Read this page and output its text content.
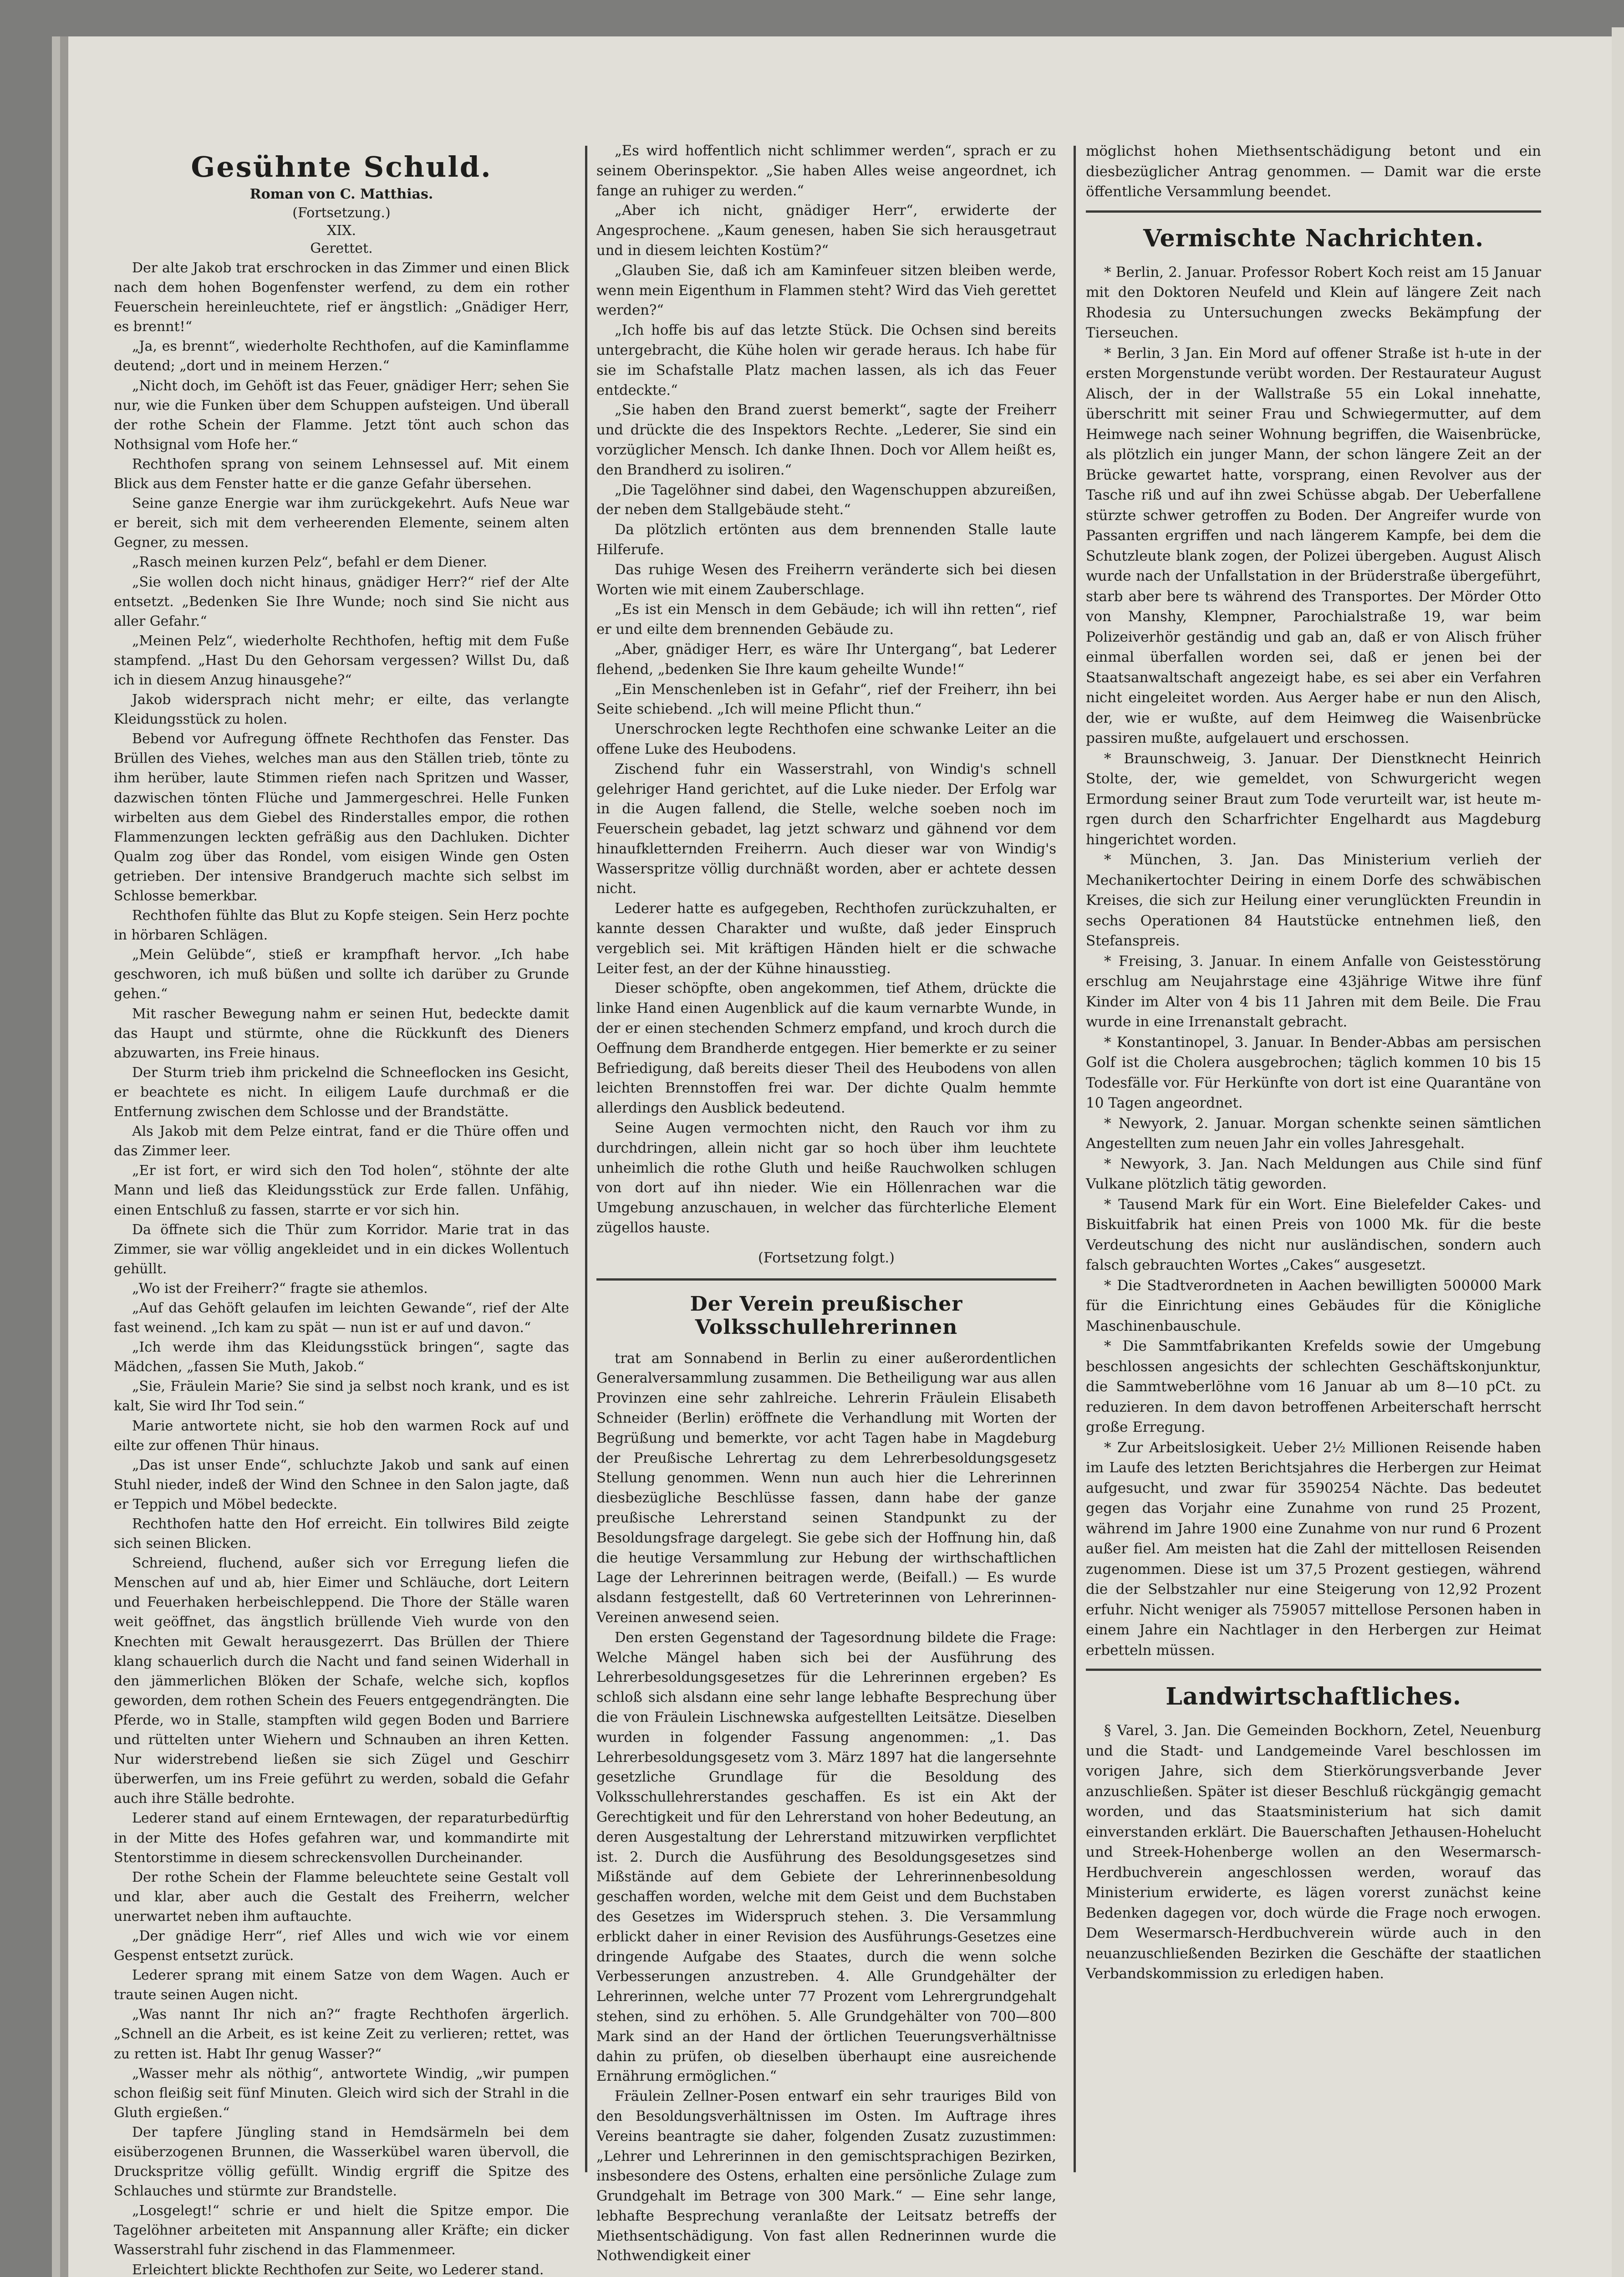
Gesühnte Schuld.
Roman von C. Matthias.
(Fortsetzung.)
XIX.
Gerettet.

Der alte Jakob trat erschrocken in das Zimmer und einen Blick nach dem hohen Bogenfenster werfend, zu dem ein rother Feuerschein hereinleuchtete, rief er ängstlich: „Gnädiger Herr, es brennt!“

„Ja, es brennt“, wiederholte Rechthofen, auf die Kaminflamme deutend; „dort und in meinem Herzen.“

„Nicht doch, im Gehöft ist das Feuer, gnädiger Herr; sehen Sie nur, wie die Funken über dem Schuppen aufsteigen. Und überall der rothe Schein der Flamme. Jetzt tönt auch schon das Nothsignal vom Hofe her.“

Rechthofen sprang von seinem Lehnsessel auf. Mit einem Blick aus dem Fenster hatte er die ganze Gefahr übersehen.

Seine ganze Energie war ihm zurückgekehrt. Aufs Neue war er bereit, sich mit dem verheerenden Elemente, seinem alten Gegner, zu messen.

„Rasch meinen kurzen Pelz“, befahl er dem Diener.

„Sie wollen doch nicht hinaus, gnädiger Herr?“ rief der Alte entsetzt. „Bedenken Sie Ihre Wunde; noch sind Sie nicht aus aller Gefahr.“

„Meinen Pelz“, wiederholte Rechthofen, heftig mit dem Fuße stampfend. „Hast Du den Gehorsam vergessen? Willst Du, daß ich in diesem Anzug hinausgehe?“

Jakob widersprach nicht mehr; er eilte, das verlangte Kleidungsstück zu holen.

Bebend vor Aufregung öffnete Rechthofen das Fenster. Das Brüllen des Viehes, welches man aus den Ställen trieb, tönte zu ihm herüber, laute Stimmen riefen nach Spritzen und Wasser, dazwischen tönten Flüche und Jammergeschrei. Helle Funken wirbelten aus dem Giebel des Rinderstalles empor, die rothen Flammenzungen leckten gefräßig aus den Dachluken. Dichter Qualm zog über das Rondel, vom eisigen Winde gen Osten getrieben. Der intensive Brandgeruch machte sich selbst im Schlosse bemerkbar.

Rechthofen fühlte das Blut zu Kopfe steigen. Sein Herz pochte in hörbaren Schlägen.

„Mein Gelübde“, stieß er krampfhaft hervor. „Ich habe geschworen, ich muß büßen und sollte ich darüber zu Grunde gehen.“

Mit rascher Bewegung nahm er seinen Hut, bedeckte damit das Haupt und stürmte, ohne die Rückkunft des Dieners abzuwarten, ins Freie hinaus.

Der Sturm trieb ihm prickelnd die Schneeflocken ins Gesicht, er beachtete es nicht. In eiligem Laufe durchmaß er die Entfernung zwischen dem Schlosse und der Brandstätte.

Als Jakob mit dem Pelze eintrat, fand er die Thüre offen und das Zimmer leer.

„Er ist fort, er wird sich den Tod holen“, stöhnte der alte Mann und ließ das Kleidungsstück zur Erde fallen. Unfähig, einen Entschluß zu fassen, starrte er vor sich hin.

Da öffnete sich die Thür zum Korridor. Marie trat in das Zimmer, sie war völlig angekleidet und in ein dickes Wollentuch gehüllt.

„Wo ist der Freiherr?“ fragte sie athemlos.

„Auf das Gehöft gelaufen im leichten Gewande“, rief der Alte fast weinend. „Ich kam zu spät — nun ist er auf und davon.“

„Ich werde ihm das Kleidungsstück bringen“, sagte das Mädchen, „fassen Sie Muth, Jakob.“

„Sie, Fräulein Marie? Sie sind ja selbst noch krank, und es ist kalt, Sie wird Ihr Tod sein.“

Marie antwortete nicht, sie hob den warmen Rock auf und eilte zur offenen Thür hinaus.

„Das ist unser Ende“, schluchzte Jakob und sank auf einen Stuhl nieder, indeß der Wind den Schnee in den Salon jagte, daß er Teppich und Möbel bedeckte.

Rechthofen hatte den Hof erreicht. Ein tollwires Bild zeigte sich seinen Blicken.

Schreiend, fluchend, außer sich vor Erregung liefen die Menschen auf und ab, hier Eimer und Schläuche, dort Leitern und Feuerhaken herbeischleppend. Die Thore der Ställe waren weit geöffnet, das ängstlich brüllende Vieh wurde von den Knechten mit Gewalt herausgezerrt. Das Brüllen der Thiere klang schauerlich durch die Nacht und fand seinen Widerhall in den jämmerlichen Blöken der Schafe, welche sich, kopflos geworden, dem rothen Schein des Feuers entgegendrängten. Die Pferde, wo in Stalle, stampften wild gegen Boden und Barriere und rüttelten unter Wiehern und Schnauben an ihren Ketten. Nur widerstrebend ließen sie sich Zügel und Geschirr überwerfen, um ins Freie geführt zu werden, sobald die Gefahr auch ihre Ställe bedrohte.

Lederer stand auf einem Erntewagen, der reparaturbedürftig in der Mitte des Hofes gefahren war, und kommandirte mit Stentorstimme in diesem schreckensvollen Durcheinander.

Der rothe Schein der Flamme beleuchtete seine Gestalt voll und klar, aber auch die Gestalt des Freiherrn, welcher unerwartet neben ihm auftauchte.

„Der gnädige Herr“, rief Alles und wich wie vor einem Gespenst entsetzt zurück.

Lederer sprang mit einem Satze von dem Wagen. Auch er traute seinen Augen nicht.

„Was nannt Ihr nich an?“ fragte Rechthofen ärgerlich. „Schnell an die Arbeit, es ist keine Zeit zu verlieren; rettet, was zu retten ist. Habt Ihr genug Wasser?“

„Wasser mehr als nöthig“, antwortete Windig, „wir pumpen schon fleißig seit fünf Minuten. Gleich wird sich der Strahl in die Gluth ergießen.“

Der tapfere Jüngling stand in Hemdsärmeln bei dem eisüberzogenen Brunnen, die Wasserkübel waren übervoll, die Druckspritze völlig gefüllt. Windig ergriff die Spitze des Schlauches und stürmte zur Brandstelle.

„Losgelegt!“ schrie er und hielt die Spitze empor. Die Tagelöhner arbeiteten mit Anspannung aller Kräfte; ein dicker Wasserstrahl fuhr zischend in das Flammenmeer.

Erleichtert blickte Rechthofen zur Seite, wo Lederer stand.

„Es wird hoffentlich nicht schlimmer werden“, sprach er zu seinem Oberinspektor. „Sie haben Alles weise angeordnet, ich fange an ruhiger zu werden.“

„Aber ich nicht, gnädiger Herr“, erwiderte der Angesprochene. „Kaum genesen, haben Sie sich herausgetraut und in diesem leichten Kostüm?“

„Glauben Sie, daß ich am Kaminfeuer sitzen bleiben werde, wenn mein Eigenthum in Flammen steht? Wird das Vieh gerettet werden?“

„Ich hoffe bis auf das letzte Stück. Die Ochsen sind bereits untergebracht, die Kühe holen wir gerade heraus. Ich habe für sie im Schafstalle Platz machen lassen, als ich das Feuer entdeckte.“

„Sie haben den Brand zuerst bemerkt“, sagte der Freiherr und drückte die des Inspektors Rechte. „Lederer, Sie sind ein vorzüglicher Mensch. Ich danke Ihnen. Doch vor Allem heißt es, den Brandherd zu isoliren.“

„Die Tagelöhner sind dabei, den Wagenschuppen abzureißen, der neben dem Stallgebäude steht.“

Da plötzlich ertönten aus dem brennenden Stalle laute Hilferufe.

Das ruhige Wesen des Freiherrn veränderte sich bei diesen Worten wie mit einem Zauberschlage.

„Es ist ein Mensch in dem Gebäude; ich will ihn retten“, rief er und eilte dem brennenden Gebäude zu.

„Aber, gnädiger Herr, es wäre Ihr Untergang“, bat Lederer flehend, „bedenken Sie Ihre kaum geheilte Wunde!“

„Ein Menschenleben ist in Gefahr“, rief der Freiherr, ihn bei Seite schiebend. „Ich will meine Pflicht thun.“

Unerschrocken legte Rechthofen eine schwanke Leiter an die offene Luke des Heubodens.

Zischend fuhr ein Wasserstrahl, von Windig's schnell gelehriger Hand gerichtet, auf die Luke nieder. Der Erfolg war in die Augen fallend, die Stelle, welche soeben noch im Feuerschein gebadet, lag jetzt schwarz und gähnend vor dem hinaufkletternden Freiherrn. Auch dieser war von Windig's Wasserspritze völlig durchnäßt worden, aber er achtete dessen nicht.

Lederer hatte es aufgegeben, Rechthofen zurückzuhalten, er kannte dessen Charakter und wußte, daß jeder Einspruch vergeblich sei. Mit kräftigen Händen hielt er die schwache Leiter fest, an der der Kühne hinausstieg.

Dieser schöpfte, oben angekommen, tief Athem, drückte die linke Hand einen Augenblick auf die kaum vernarbte Wunde, in der er einen stechenden Schmerz empfand, und kroch durch die Oeffnung dem Brandherde entgegen. Hier bemerkte er zu seiner Befriedigung, daß bereits dieser Theil des Heubodens von allen leichten Brennstoffen frei war. Der dichte Qualm hemmte allerdings den Ausblick bedeutend.

Seine Augen vermochten nicht, den Rauch vor ihm zu durchdringen, allein nicht gar so hoch über ihm leuchtete unheimlich die rothe Gluth und heiße Rauchwolken schlugen von dort auf ihn nieder. Wie ein Höllenrachen war die Umgebung anzuschauen, in welcher das fürchterliche Element zügellos hauste.

(Fortsetzung folgt.)

Der Verein preußischer Volksschullehrerinnen

trat am Sonnabend in Berlin zu einer außerordentlichen Generalversammlung zusammen. Die Betheiligung war aus allen Provinzen eine sehr zahlreiche. Lehrerin Fräulein Elisabeth Schneider (Berlin) eröffnete die Verhandlung mit Worten der Begrüßung und bemerkte, vor acht Tagen habe in Magdeburg der Preußische Lehrertag zu dem Lehrerbesoldungsgesetz Stellung genommen. Wenn nun auch hier die Lehrerinnen diesbezügliche Beschlüsse fassen, dann habe der ganze preußische Lehrerstand seinen Standpunkt zu der Besoldungsfrage dargelegt. Sie gebe sich der Hoffnung hin, daß die heutige Versammlung zur Hebung der wirthschaftlichen Lage der Lehrerinnen beitragen werde, (Beifall.) — Es wurde alsdann festgestellt, daß 60 Vertreterinnen von Lehrerinnen-Vereinen anwesend seien.

Den ersten Gegenstand der Tagesordnung bildete die Frage: Welche Mängel haben sich bei der Ausführung des Lehrerbesoldungsgesetzes für die Lehrerinnen ergeben? Es schloß sich alsdann eine sehr lange lebhafte Besprechung über die von Fräulein Lischnewska aufgestellten Leitsätze. Dieselben wurden in folgender Fassung angenommen: „1. Das Lehrerbesoldungsgesetz vom 3. März 1897 hat die langersehnte gesetzliche Grundlage für die Besoldung des Volksschullehrerstandes geschaffen. Es ist ein Akt der Gerechtigkeit und für den Lehrerstand von hoher Bedeutung, an deren Ausgestaltung der Lehrerstand mitzuwirken verpflichtet ist. 2. Durch die Ausführung des Besoldungsgesetzes sind Mißstände auf dem Gebiete der Lehrerinnenbesoldung geschaffen worden, welche mit dem Geist und dem Buchstaben des Gesetzes im Widerspruch stehen. 3. Die Versammlung erblickt daher in einer Revision des Ausführungs-Gesetzes eine dringende Aufgabe des Staates, durch die wenn solche Verbesserungen anzustreben. 4. Alle Grundgehälter der Lehrerinnen, welche unter 77 Prozent vom Lehrergrundgehalt stehen, sind zu erhöhen. 5. Alle Grundgehälter von 700—800 Mark sind an der Hand der örtlichen Teuerungsverhältnisse dahin zu prüfen, ob dieselben überhaupt eine ausreichende Ernährung ermöglichen.“

Fräulein Zellner-Posen entwarf ein sehr trauriges Bild von den Besoldungsverhältnissen im Osten. Im Auftrage ihres Vereins beantragte sie daher, folgenden Zusatz zuzustimmen: „Lehrer und Lehrerinnen in den gemischtsprachigen Bezirken, insbesondere des Ostens, erhalten eine persönliche Zulage zum Grundgehalt im Betrage von 300 Mark.“ — Eine sehr lange, lebhafte Besprechung veranlaßte der Leitsatz betreffs der Miethsentschädigung. Von fast allen Rednerinnen wurde die Nothwendigkeit einer

möglichst hohen Miethsentschädigung betont und ein diesbezüglicher Antrag genommen. — Damit war die erste öffentliche Versammlung beendet.

Vermischte Nachrichten.

* Berlin, 2. Januar. Professor Robert Koch reist am 15 Januar mit den Doktoren Neufeld und Klein auf längere Zeit nach Rhodesia zu Untersuchungen zwecks Bekämpfung der Tierseuchen.

* Berlin, 3 Jan. Ein Mord auf offener Straße ist h-ute in der ersten Morgenstunde verübt worden. Der Restaurateur August Alisch, der in der Wallstraße 55 ein Lokal innehatte, überschritt mit seiner Frau und Schwiegermutter, auf dem Heimwege nach seiner Wohnung begriffen, die Waisenbrücke, als plötzlich ein junger Mann, der schon längere Zeit an der Brücke gewartet hatte, vorsprang, einen Revolver aus der Tasche riß und auf ihn zwei Schüsse abgab. Der Ueberfallene stürzte schwer getroffen zu Boden. Der Angreifer wurde von Passanten ergriffen und nach längerem Kampfe, bei dem die Schutzleute blank zogen, der Polizei übergeben. August Alisch wurde nach der Unfallstation in der Brüderstraße übergeführt, starb aber bere ts während des Transportes. Der Mörder Otto von Manshy, Klempner, Parochialstraße 19, war beim Polizeiverhör geständig und gab an, daß er von Alisch früher einmal überfallen worden sei, daß er jenen bei der Staatsanwaltschaft angezeigt habe, es sei aber ein Verfahren nicht eingeleitet worden. Aus Aerger habe er nun den Alisch, der, wie er wußte, auf dem Heimweg die Waisenbrücke passiren mußte, aufgelauert und erschossen.

* Braunschweig, 3. Januar. Der Dienstknecht Heinrich Stolte, der, wie gemeldet, von Schwurgericht wegen Ermordung seiner Braut zum Tode verurteilt war, ist heute m-rgen durch den Scharfrichter Engelhardt aus Magdeburg hingerichtet worden.

* München, 3. Jan. Das Ministerium verlieh der Mechanikertochter Deiring in einem Dorfe des schwäbischen Kreises, die sich zur Heilung einer verunglückten Freundin in sechs Operationen 84 Hautstücke entnehmen ließ, den Stefanspreis.

* Freising, 3. Januar. In einem Anfalle von Geistesstörung erschlug am Neujahrstage eine 43jährige Witwe ihre fünf Kinder im Alter von 4 bis 11 Jahren mit dem Beile. Die Frau wurde in eine Irrenanstalt gebracht.

* Konstantinopel, 3. Januar. In Bender-Abbas am persischen Golf ist die Cholera ausgebrochen; täglich kommen 10 bis 15 Todesfälle vor. Für Herkünfte von dort ist eine Quarantäne von 10 Tagen angeordnet.

* Newyork, 2. Januar. Morgan schenkte seinen sämtlichen Angestellten zum neuen Jahr ein volles Jahresgehalt.

* Newyork, 3. Jan. Nach Meldungen aus Chile sind fünf Vulkane plötzlich tätig geworden.

* Tausend Mark für ein Wort. Eine Bielefelder Cakes- und Biskuitfabrik hat einen Preis von 1000 Mk. für die beste Verdeutschung des nicht nur ausländischen, sondern auch falsch gebrauchten Wortes „Cakes“ ausgesetzt.

* Die Stadtverordneten in Aachen bewilligten 500000 Mark für die Einrichtung eines Gebäudes für die Königliche Maschinenbauschule.

* Die Sammtfabrikanten Krefelds sowie der Umgebung beschlossen angesichts der schlechten Geschäftskonjunktur, die Sammtweberlöhne vom 16 Januar ab um 8—10 pCt. zu reduzieren. In dem davon betroffenen Arbeiterschaft herrscht große Erregung.

* Zur Arbeitslosigkeit. Ueber 2½ Millionen Reisende haben im Laufe des letzten Berichtsjahres die Herbergen zur Heimat aufgesucht, und zwar für 3590254 Nächte. Das bedeutet gegen das Vorjahr eine Zunahme von rund 25 Prozent, während im Jahre 1900 eine Zunahme von nur rund 6 Prozent außer fiel. Am meisten hat die Zahl der mittellosen Reisenden zugenommen. Diese ist um 37,5 Prozent gestiegen, während die der Selbstzahler nur eine Steigerung von 12,92 Prozent erfuhr. Nicht weniger als 759057 mittellose Personen haben in einem Jahre ein Nachtlager in den Herbergen zur Heimat erbetteln müssen.

Landwirtschaftliches.

§ Varel, 3. Jan. Die Gemeinden Bockhorn, Zetel, Neuenburg und die Stadt- und Landgemeinde Varel beschlossen im vorigen Jahre, sich dem Stierkörungsverbande Jever anzuschließen. Später ist dieser Beschluß rückgängig gemacht worden, und das Staatsministerium hat sich damit einverstanden erklärt. Die Bauerschaften Jethausen-Hohelucht und Streek-Hohenberge wollen an den Wesermarsch-Herdbuchverein angeschlossen werden, worauf das Ministerium erwiderte, es lägen vorerst zunächst keine Bedenken dagegen vor, doch würde die Frage noch erwogen. Dem Wesermarsch-Herdbuchverein würde auch in den neuanzuschließenden Bezirken die Geschäfte der staatlichen Verbandskommission zu erledigen haben.
